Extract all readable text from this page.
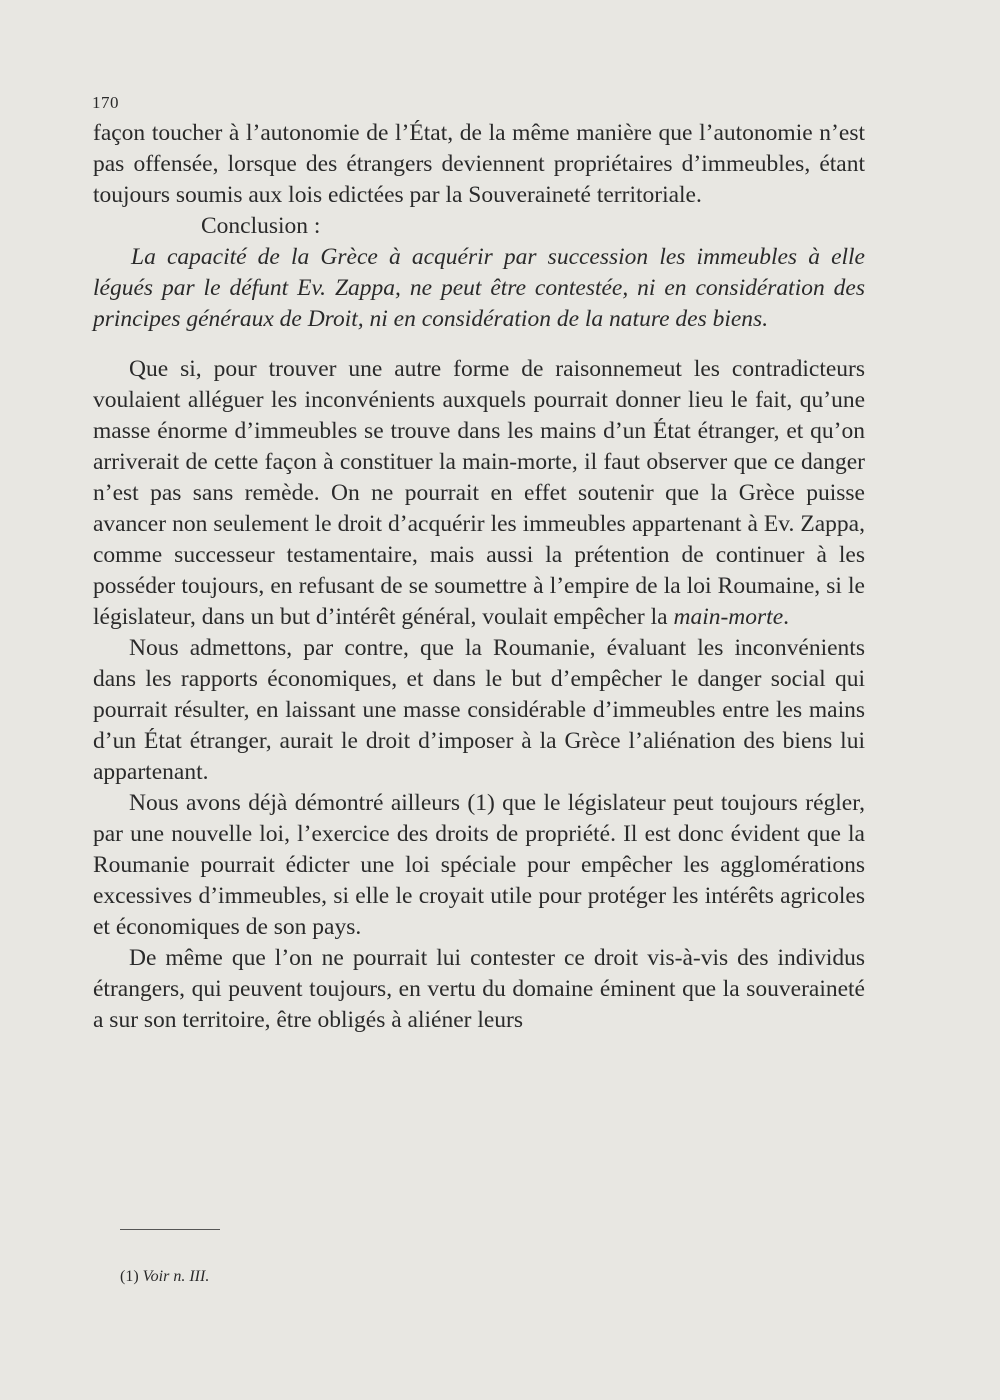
170

façon toucher à l’autonomie de l’État, de la même manière que l’autonomie n’est pas offensée, lorsque des étrangers deviennent propriétaires d’immeubles, étant toujours soumis aux lois edictées par la Souveraineté territoriale.

Conclusion :

La capacité de la Grèce à acquérir par succession les immeubles à elle légués par le défunt Ev. Zappa, ne peut être contestée, ni en considération des principes généraux de Droit, ni en considération de la nature des biens.

Que si, pour trouver une autre forme de raisonnemeut les contradicteurs voulaient alléguer les inconvénients auxquels pourrait donner lieu le fait, qu’une masse énorme d’immeubles se trouve dans les mains d’un État étranger, et qu’on arriverait de cette façon à constituer la main-morte, il faut observer que ce danger n’est pas sans remède. On ne pourrait en effet soutenir que la Grèce puisse avancer non seulement le droit d’acquérir les immeubles appartenant à Ev. Zappa, comme successeur testamentaire, mais aussi la prétention de continuer à les posséder toujours, en refusant de se soumettre à l’empire de la loi Roumaine, si le législateur, dans un but d’intérêt général, voulait empêcher la main-morte.

Nous admettons, par contre, que la Roumanie, évaluant les inconvénients dans les rapports économiques, et dans le but d’empêcher le danger social qui pourrait résulter, en laissant une masse considérable d’immeubles entre les mains d’un État étranger, aurait le droit d’imposer à la Grèce l’aliénation des biens lui appartenant.

Nous avons déjà démontré ailleurs (1) que le législateur peut toujours régler, par une nouvelle loi, l’exercice des droits de propriété. Il est donc évident que la Roumanie pourrait édicter une loi spéciale pour empêcher les agglomérations excessives d’immeubles, si elle le croyait utile pour protéger les intérêts agricoles et économiques de son pays.

De même que l’on ne pourrait lui contester ce droit vis-à-vis des individus étrangers, qui peuvent toujours, en vertu du domaine éminent que la souveraineté a sur son territoire, être obligés à aliéner leurs

(1) Voir n. III.
